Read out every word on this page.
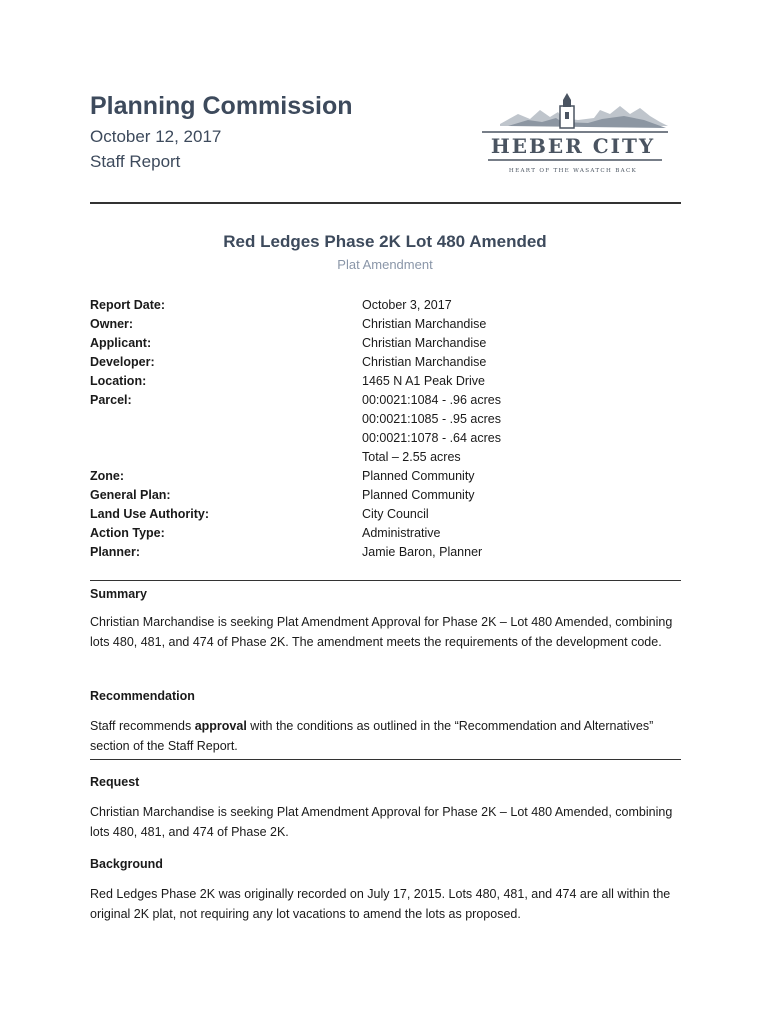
Planning Commission
October 12, 2017
Staff Report
HEBER CITY
HEART OF THE WASATCH BACK
Red Ledges Phase 2K Lot 480 Amended
Plat Amendment
Report Date:	October 3, 2017
Owner:	Christian Marchandise
Applicant:	Christian Marchandise
Developer:	Christian Marchandise
Location:	1465 N A1 Peak Drive
Parcel:	00:0021:1084 - .96 acres
00:0021:1085 - .95 acres
00:0021:1078 - .64 acres
Total – 2.55 acres
Zone:	Planned Community
General Plan:	Planned Community
Land Use Authority:	City Council
Action Type:	Administrative
Planner:	Jamie Baron, Planner
Summary
Christian Marchandise is seeking Plat Amendment Approval for Phase 2K – Lot 480 Amended, combining lots 480, 481, and 474 of Phase 2K. The amendment meets the requirements of the development code.
Recommendation
Staff recommends approval with the conditions as outlined in the “Recommendation and Alternatives” section of the Staff Report.
Request
Christian Marchandise is seeking Plat Amendment Approval for Phase 2K – Lot 480 Amended, combining lots 480, 481, and 474 of Phase 2K.
Background
Red Ledges Phase 2K was originally recorded on July 17, 2015. Lots 480, 481, and 474 are all within the original 2K plat, not requiring any lot vacations to amend the lots as proposed.
